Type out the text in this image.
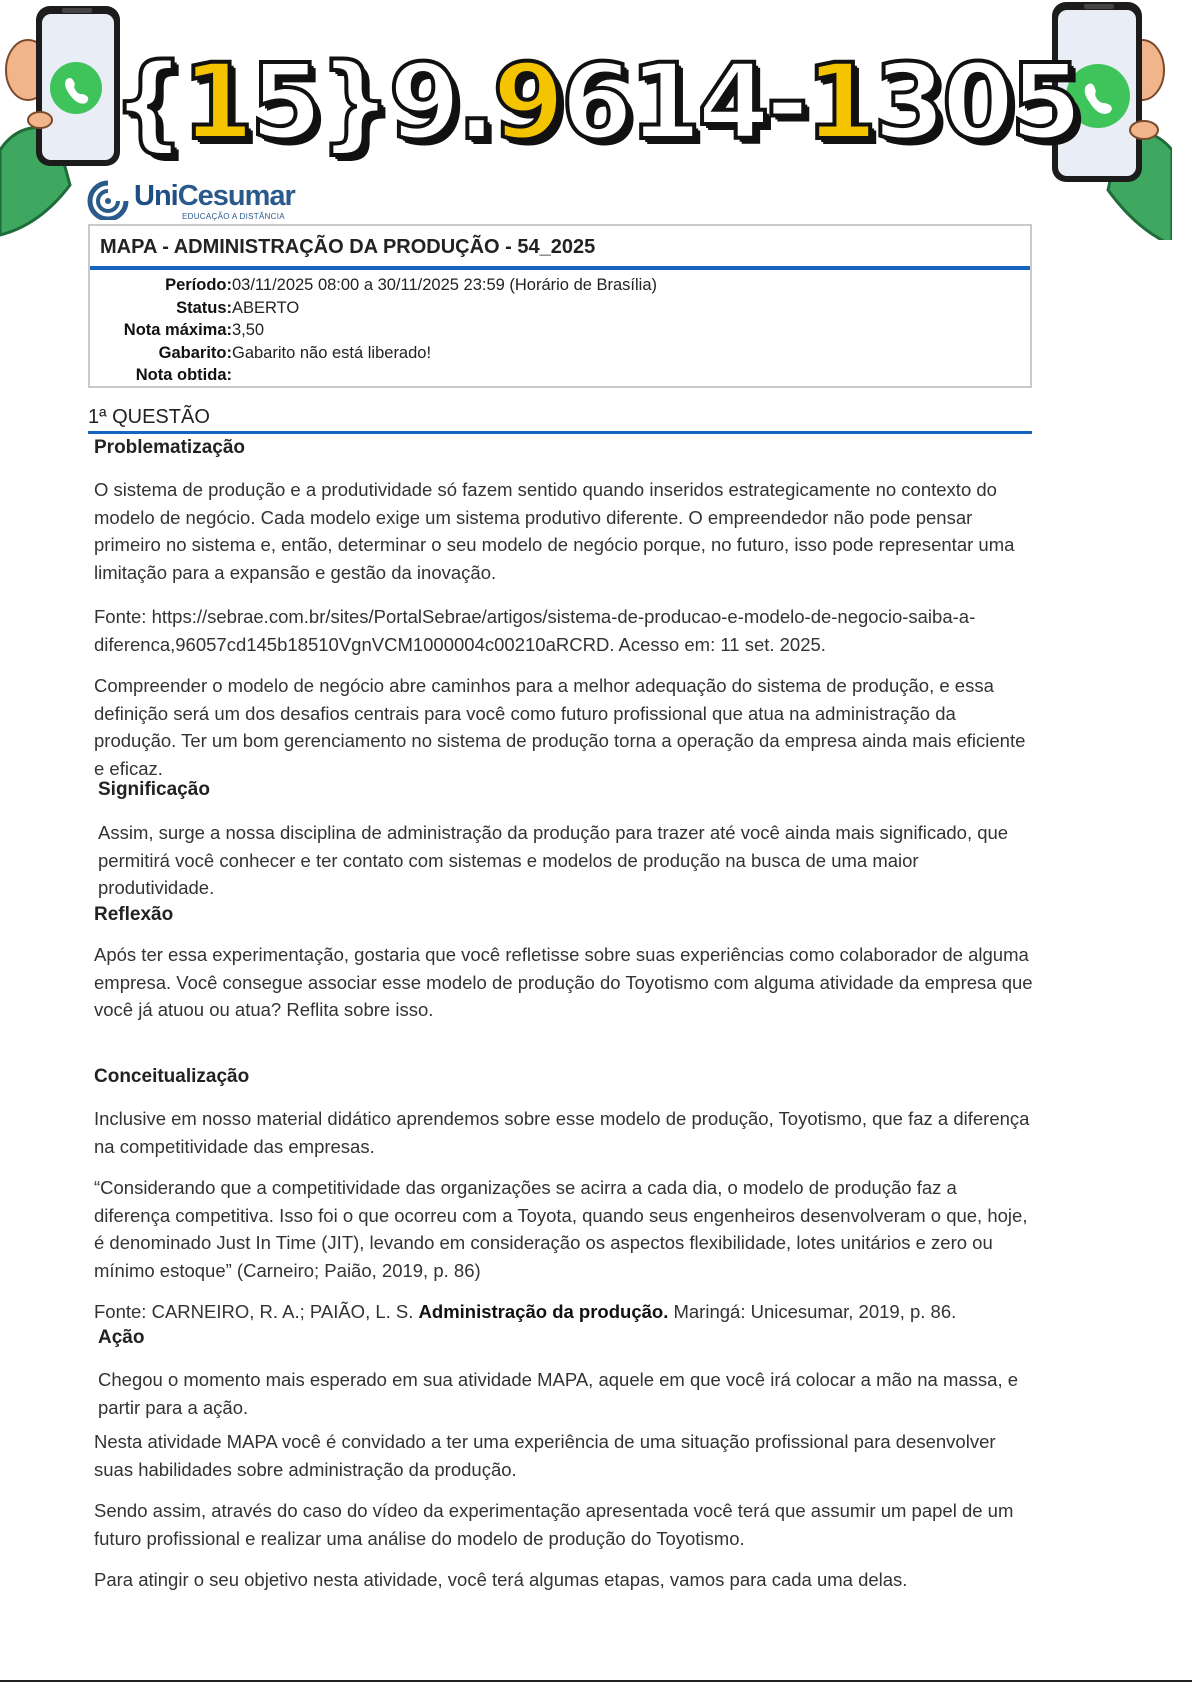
{ 1 5 } 9. 9 614- 1 305
UniCesumar
EDUCAÇÃO A DISTÂNCIA
MAPA - ADMINISTRAÇÃO DA PRODUÇÃO - 54_2025
Período: 03/11/2025 08:00 a 30/11/2025 23:59 (Horário de Brasília)
Status: ABERTO
Nota máxima: 3,50
Gabarito: Gabarito não está liberado!
Nota obtida:
1ª QUESTÃO
Problematização

O sistema de produção e a produtividade só fazem sentido quando inseridos estrategicamente no contexto do modelo de negócio. Cada modelo exige um sistema produtivo diferente. O empreendedor não pode pensar primeiro no sistema e, então, determinar o seu modelo de negócio porque, no futuro, isso pode representar uma limitação para a expansão e gestão da inovação.

Fonte: https://sebrae.com.br/sites/PortalSebrae/artigos/sistema-de-producao-e-modelo-de-negocio-saiba-a-diferenca,96057cd145b18510VgnVCM1000004c00210aRCRD. Acesso em: 11 set. 2025.

Compreender o modelo de negócio abre caminhos para a melhor adequação do sistema de produção, e essa definição será um dos desafios centrais para você como futuro profissional que atua na administração da produção. Ter um bom gerenciamento no sistema de produção torna a operação da empresa ainda mais eficiente e eficaz.

Significação

Assim, surge a nossa disciplina de administração da produção para trazer até você ainda mais significado, que permitirá você conhecer e ter contato com sistemas e modelos de produção na busca de uma maior produtividade.

Reflexão

Após ter essa experimentação, gostaria que você refletisse sobre suas experiências como colaborador de alguma empresa. Você consegue associar esse modelo de produção do Toyotismo com alguma atividade da empresa que você já atuou ou atua? Reflita sobre isso.

Conceitualização

Inclusive em nosso material didático aprendemos sobre esse modelo de produção, Toyotismo, que faz a diferença na competitividade das empresas.

“Considerando que a competitividade das organizações se acirra a cada dia, o modelo de produção faz a diferença competitiva. Isso foi o que ocorreu com a Toyota, quando seus engenheiros desenvolveram o que, hoje, é denominado Just In Time (JIT), levando em consideração os aspectos flexibilidade, lotes unitários e zero ou mínimo estoque” (Carneiro; Paião, 2019, p. 86)

Fonte: CARNEIRO, R. A.; PAIÃO, L. S. Administração da produção. Maringá: Unicesumar, 2019, p. 86.

Ação

Chegou o momento mais esperado em sua atividade MAPA, aquele em que você irá colocar a mão na massa, e partir para a ação.

Nesta atividade MAPA você é convidado a ter uma experiência de uma situação profissional para desenvolver suas habilidades sobre administração da produção.

Sendo assim, através do caso do vídeo da experimentação apresentada você terá que assumir um papel de um futuro profissional e realizar uma análise do modelo de produção do Toyotismo.

Para atingir o seu objetivo nesta atividade, você terá algumas etapas, vamos para cada uma delas.
